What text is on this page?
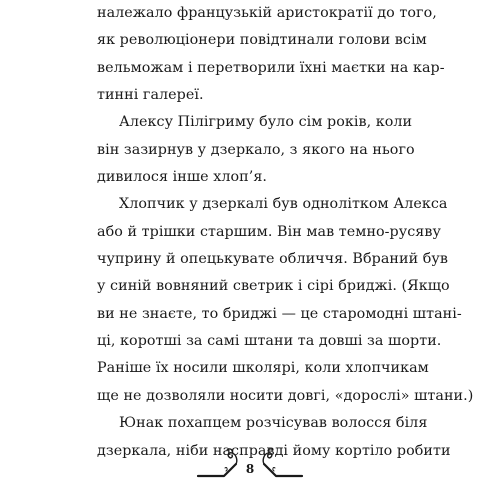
належало французькій аристократії до того,
як революціонери повідтинали голови всім
вельможам і перетворили їхні маєтки на кар-
тинні галереї.
Алексу Пілігриму було сім років, коли
він зазирнув у дзеркало, з якого на нього
дивилося інше хлоп’я.
Хлопчик у дзеркалі був однолітком Алекса
або й трішки старшим. Він мав темно-русяву
чуприну й опецькувате обличчя. Вбраний був
у синій вовняний светрик і сірі бриджі. (Якщо
ви не знаєте, то бриджі — це старомодні штані-
ці, коротші за самі штани та довші за шорти.
Раніше їх носили школярі, коли хлопчикам
ще не дозволяли носити довгі, «дорослі» штани.)
Юнак похапцем розчісував волосся біля
дзеркала, ніби насправді йому кортіло робити
8
